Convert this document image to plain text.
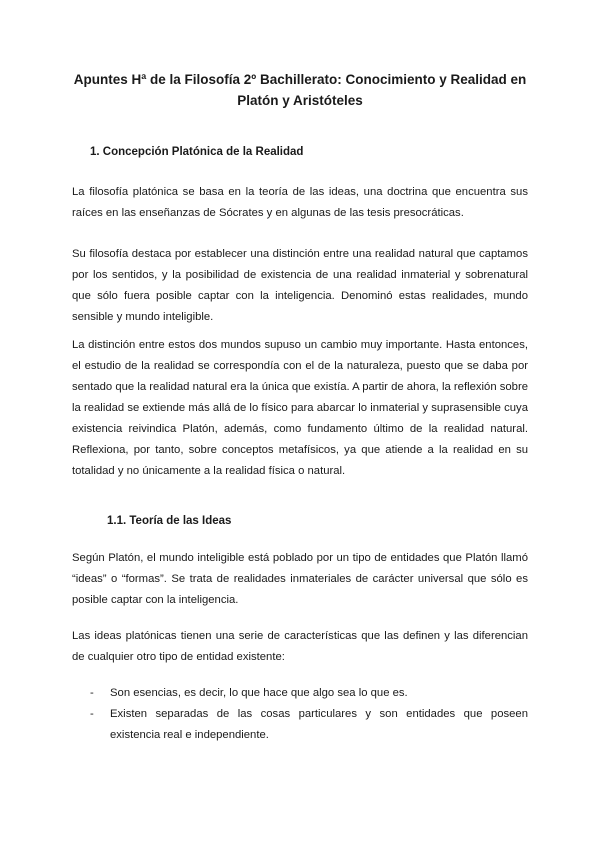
Apuntes Hª de la Filosofía 2º Bachillerato: Conocimiento y Realidad en Platón y Aristóteles
1. Concepción Platónica de la Realidad

La filosofía platónica se basa en la teoría de las ideas, una doctrina que encuentra sus raíces en las enseñanzas de Sócrates y en algunas de las tesis presocráticas.

Su filosofía destaca por establecer una distinción entre una realidad natural que captamos por los sentidos, y la posibilidad de existencia de una realidad inmaterial y sobrenatural que sólo fuera posible captar con la inteligencia. Denominó estas realidades, mundo sensible y mundo inteligible.

La distinción entre estos dos mundos supuso un cambio muy importante. Hasta entonces, el estudio de la realidad se correspondía con el de la naturaleza, puesto que se daba por sentado que la realidad natural era la única que existía. A partir de ahora, la reflexión sobre la realidad se extiende más allá de lo físico para abarcar lo inmaterial y suprasensible cuya existencia reivindica Platón, además, como fundamento último de la realidad natural. Reflexiona, por tanto, sobre conceptos metafísicos, ya que atiende a la realidad en su totalidad y no únicamente a la realidad física o natural.

1.1. Teoría de las Ideas

Según Platón, el mundo inteligible está poblado por un tipo de entidades que Platón llamó “ideas” o “formas”. Se trata de realidades inmateriales de carácter universal que sólo es posible captar con la inteligencia.

Las ideas platónicas tienen una serie de características que las definen y las diferencian de cualquier otro tipo de entidad existente:

- Son esencias, es decir, lo que hace que algo sea lo que es.
- Existen separadas de las cosas particulares y son entidades que poseen existencia real e independiente.
